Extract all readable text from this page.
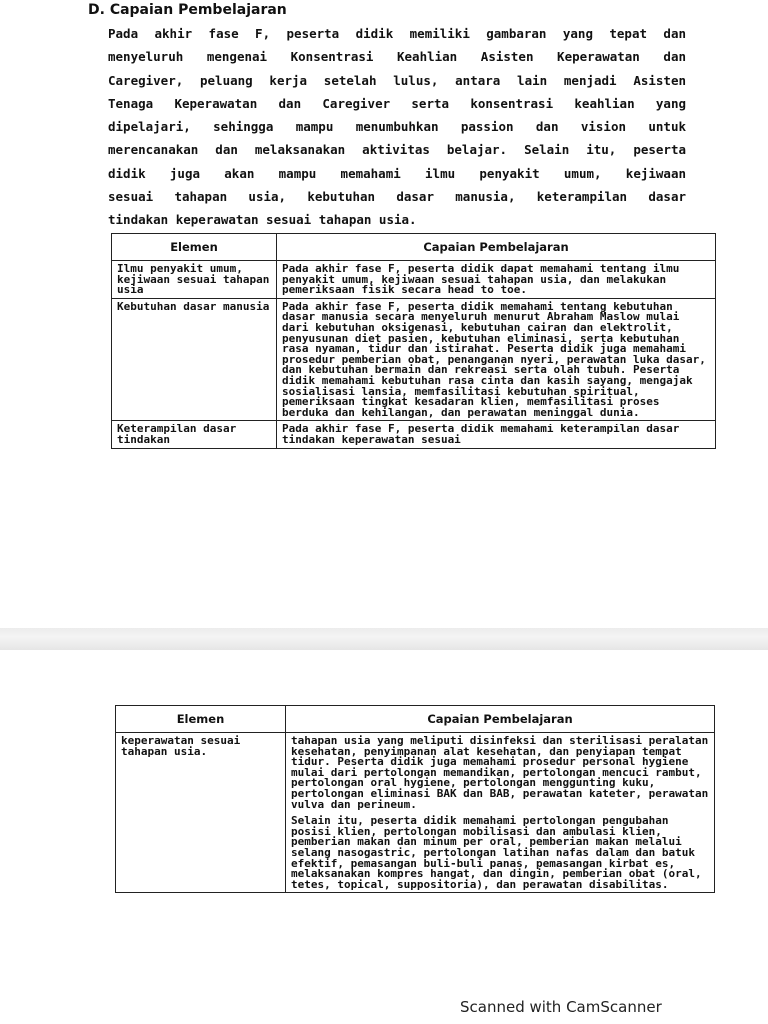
D. Capaian Pembelajaran

Pada akhir fase F, peserta didik memiliki gambaran yang tepat dan
menyeluruh mengenai Konsentrasi Keahlian Asisten Keperawatan dan
Caregiver, peluang kerja setelah lulus, antara lain menjadi Asisten
Tenaga Keperawatan dan Caregiver serta konsentrasi keahlian yang
dipelajari, sehingga mampu menumbuhkan passion dan vision untuk
merencanakan dan melaksanakan aktivitas belajar. Selain itu, peserta
didik juga akan mampu memahami ilmu penyakit umum, kejiwaan
sesuai tahapan usia, kebutuhan dasar manusia, keterampilan dasar
tindakan keperawatan sesuai tahapan usia.

Elemen	Capaian Pembelajaran
Ilmu penyakit umum, kejiwaan sesuai tahapan usia	Pada akhir fase F, peserta didik dapat memahami tentang ilmu penyakit umum, kejiwaan sesuai tahapan usia, dan melakukan pemeriksaan fisik secara head to toe.
Kebutuhan dasar manusia	Pada akhir fase F, peserta didik memahami tentang kebutuhan dasar manusia secara menyeluruh menurut Abraham Maslow mulai dari kebutuhan oksigenasi, kebutuhan cairan dan elektrolit, penyusunan diet pasien, kebutuhan eliminasi, serta kebutuhan rasa nyaman, tidur dan istirahat. Peserta didik juga memahami prosedur pemberian obat, penanganan nyeri, perawatan luka dasar, dan kebutuhan bermain dan rekreasi serta olah tubuh. Peserta didik memahami kebutuhan rasa cinta dan kasih sayang, mengajak sosialisasi lansia, memfasilitasi kebutuhan spiritual, pemeriksaan tingkat kesadaran klien, memfasilitasi proses berduka dan kehilangan, dan perawatan meninggal dunia.

Keterampilan dasar tindakan	Pada akhir fase F, peserta didik memahami keterampilan dasar tindakan keperawatan sesuai
Elemen	Capaian Pembelajaran
keperawatan sesuai tahapan usia.	tahapan usia yang meliputi disinfeksi dan sterilisasi peralatan kesehatan, penyimpanan alat kesehatan, dan penyiapan tempat tidur. Peserta didik juga memahami prosedur personal hygiene mulai dari pertolongan memandikan, pertolongan mencuci rambut, pertolongan oral hygiene, pertolongan menggunting kuku, pertolongan eliminasi BAK dan BAB, perawatan kateter, perawatan vulva dan perineum.
Selain itu, peserta didik memahami pertolongan pengubahan posisi klien, pertolongan mobilisasi dan ambulasi klien, pemberian makan dan minum per oral, pemberian makan melalui selang nasogastric, pertolongan latihan nafas dalam dan batuk efektif, pemasangan buli-buli panas, pemasangan kirbat es, melaksanakan kompres hangat, dan dingin, pemberian obat (oral, tetes, topical, suppositoria), dan perawatan disabilitas.
Scanned with CamScanner
